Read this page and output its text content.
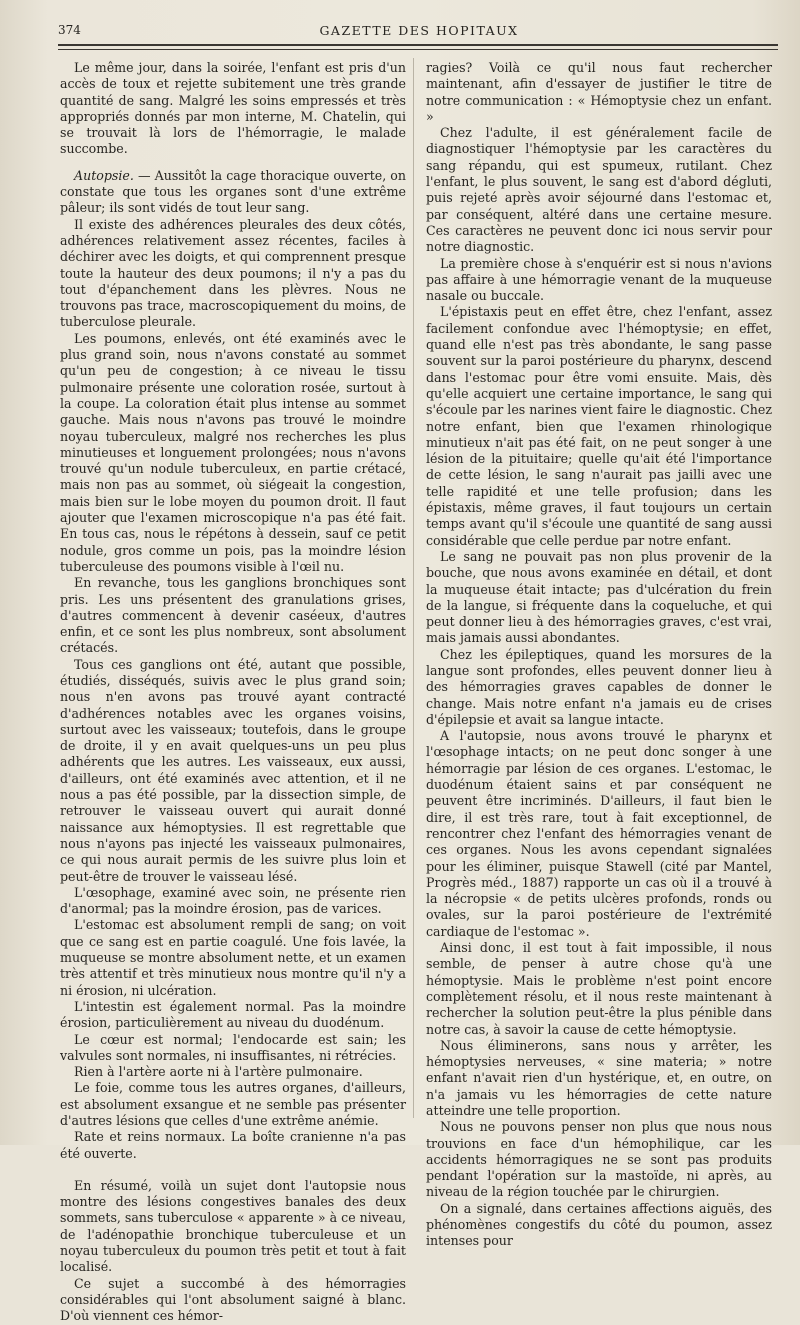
374	GAZETTE DES HOPITAUX

Le même jour, dans la soirée, l'enfant est pris d'un accès de toux et rejette subitement une très grande quantité de sang. Malgré les soins empressés et très appropriés donnés par mon interne, M. Chatelin, qui se trouvait là lors de l'hémorragie, le malade succombe.

Autopsie. — Aussitôt la cage thoracique ouverte, on constate que tous les organes sont d'une extrême pâleur; ils sont vidés de tout leur sang.

Il existe des adhérences pleurales des deux côtés, adhérences relativement assez récentes, faciles à déchirer avec les doigts, et qui comprennent presque toute la hauteur des deux poumons; il n'y a pas du tout d'épanchement dans les plèvres. Nous ne trouvons pas trace, macroscopiquement du moins, de tuberculose pleurale.

Les poumons, enlevés, ont été examinés avec le plus grand soin, nous n'avons constaté au sommet qu'un peu de congestion; à ce niveau le tissu pulmonaire présente une coloration rosée, surtout à la coupe. La coloration était plus intense au sommet gauche. Mais nous n'avons pas trouvé le moindre noyau tuberculeux, malgré nos recherches les plus minutieuses et longuement prolongées; nous n'avons trouvé qu'un nodule tuberculeux, en partie crétacé, mais non pas au sommet, où siégeait la congestion, mais bien sur le lobe moyen du poumon droit. Il faut ajouter que l'examen microscopique n'a pas été fait. En tous cas, nous le répétons à dessein, sauf ce petit nodule, gros comme un pois, pas la moindre lésion tuberculeuse des poumons visible à l'œil nu.

En revanche, tous les ganglions bronchiques sont pris. Les uns présentent des granulations grises, d'autres commencent à devenir caséeux, d'autres enfin, et ce sont les plus nombreux, sont absolument crétacés.

Tous ces ganglions ont été, autant que possible, étudiés, disséqués, suivis avec le plus grand soin; nous n'en avons pas trouvé ayant contracté d'adhérences notables avec les organes voisins, surtout avec les vaisseaux; toutefois, dans le groupe de droite, il y en avait quelques-uns un peu plus adhérents que les autres. Les vaisseaux, eux aussi, d'ailleurs, ont été examinés avec attention, et il ne nous a pas été possible, par la dissection simple, de retrouver le vaisseau ouvert qui aurait donné naissance aux hémoptysies. Il est regrettable que nous n'ayons pas injecté les vaisseaux pulmonaires, ce qui nous aurait permis de les suivre plus loin et peut-être de trouver le vaisseau lésé.

L'œsophage, examiné avec soin, ne présente rien d'anormal; pas la moindre érosion, pas de varices.

L'estomac est absolument rempli de sang; on voit que ce sang est en partie coagulé. Une fois lavée, la muqueuse se montre absolument nette, et un examen très attentif et très minutieux nous montre qu'il n'y a ni érosion, ni ulcération.

L'intestin est également normal. Pas la moindre érosion, particulièrement au niveau du duodénum.

Le cœur est normal; l'endocarde est sain; les valvules sont normales, ni insuffisantes, ni rétrécies.

Rien à l'artère aorte ni à l'artère pulmonaire.

Le foie, comme tous les autres organes, d'ailleurs, est absolument exsangue et ne semble pas présenter d'autres lésions que celles d'une extrême anémie.

Rate et reins normaux. La boîte cranienne n'a pas été ouverte.

En résumé, voilà un sujet dont l'autopsie nous montre des lésions congestives banales des deux sommets, sans tuberculose « apparente » à ce niveau, de l'adénopathie bronchique tuberculeuse et un noyau tuberculeux du poumon très petit et tout à fait localisé.

Ce sujet a succombé à des hémorragies considérables qui l'ont absolument saigné à blanc. D'où viennent ces hémor-

ragies? Voilà ce qu'il nous faut rechercher maintenant, afin d'essayer de justifier le titre de notre communication : « Hémoptysie chez un enfant. »

Chez l'adulte, il est généralement facile de diagnostiquer l'hémoptysie par les caractères du sang répandu, qui est spumeux, rutilant. Chez l'enfant, le plus souvent, le sang est d'abord dégluti, puis rejeté après avoir séjourné dans l'estomac et, par conséquent, altéré dans une certaine mesure. Ces caractères ne peuvent donc ici nous servir pour notre diagnostic.

La première chose à s'enquérir est si nous n'avions pas affaire à une hémorragie venant de la muqueuse nasale ou buccale.

L'épistaxis peut en effet être, chez l'enfant, assez facilement confondue avec l'hémoptysie; en effet, quand elle n'est pas très abondante, le sang passe souvent sur la paroi postérieure du pharynx, descend dans l'estomac pour être vomi ensuite. Mais, dès qu'elle acquiert une certaine importance, le sang qui s'écoule par les narines vient faire le diagnostic. Chez notre enfant, bien que l'examen rhinologique minutieux n'ait pas été fait, on ne peut songer à une lésion de la pituitaire; quelle qu'ait été l'importance de cette lésion, le sang n'aurait pas jailli avec une telle rapidité et une telle profusion; dans les épistaxis, même graves, il faut toujours un certain temps avant qu'il s'écoule une quantité de sang aussi considérable que celle perdue par notre enfant.

Le sang ne pouvait pas non plus provenir de la bouche, que nous avons examinée en détail, et dont la muqueuse était intacte; pas d'ulcération du frein de la langue, si fréquente dans la coqueluche, et qui peut donner lieu à des hémorragies graves, c'est vrai, mais jamais aussi abondantes.

Chez les épileptiques, quand les morsures de la langue sont profondes, elles peuvent donner lieu à des hémorragies graves capables de donner le change. Mais notre enfant n'a jamais eu de crises d'épilepsie et avait sa langue intacte.

A l'autopsie, nous avons trouvé le pharynx et l'œsophage intacts; on ne peut donc songer à une hémorragie par lésion de ces organes. L'estomac, le duodénum étaient sains et par conséquent ne peuvent être incriminés. D'ailleurs, il faut bien le dire, il est très rare, tout à fait exceptionnel, de rencontrer chez l'enfant des hémorragies venant de ces organes. Nous les avons cependant signalées pour les éliminer, puisque Stawell (cité par Mantel, Progrès méd., 1887) rapporte un cas où il a trouvé à la nécropsie « de petits ulcères profonds, ronds ou ovales, sur la paroi postérieure de l'extrémité cardiaque de l'estomac ».

Ainsi donc, il est tout à fait impossible, il nous semble, de penser à autre chose qu'à une hémoptysie. Mais le problème n'est point encore complètement résolu, et il nous reste maintenant à rechercher la solution peut-être la plus pénible dans notre cas, à savoir la cause de cette hémoptysie.

Nous éliminerons, sans nous y arrêter, les hémoptysies nerveuses, « sine materia; » notre enfant n'avait rien d'un hystérique, et, en outre, on n'a jamais vu les hémorragies de cette nature atteindre une telle proportion.

Nous ne pouvons penser non plus que nous nous trouvions en face d'un hémophilique, car les accidents hémorragiques ne se sont pas produits pendant l'opération sur la mastoïde, ni après, au niveau de la région touchée par le chirurgien.

On a signalé, dans certaines affections aiguës, des phénomènes congestifs du côté du poumon, assez intenses pour
